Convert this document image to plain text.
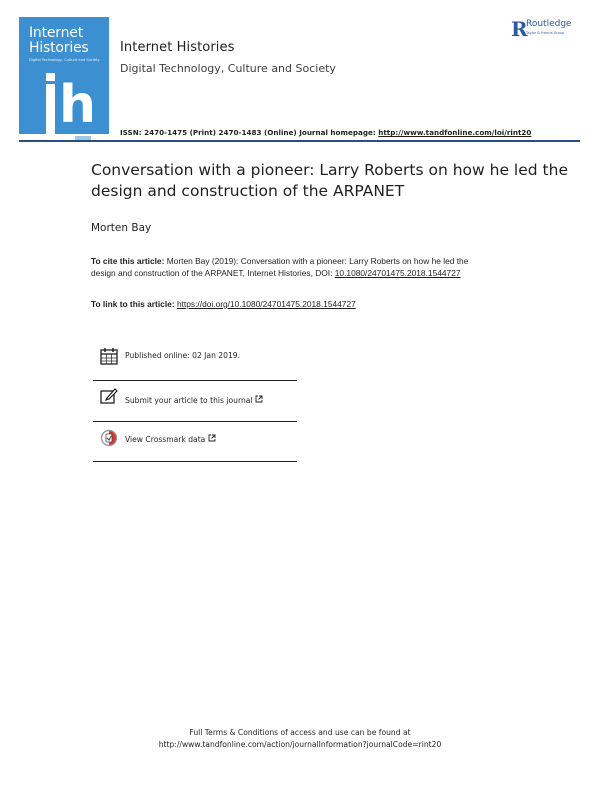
Internet
Histories
Digital Technology, Culture and Society
h
Internet Histories
Digital Technology, Culture and Society
R
Routledge
Taylor & Francis Group
ISSN: 2470-1475 (Print) 2470-1483 (Online) Journal homepage: http://www.tandfonline.com/loi/rint20
Conversation with a pioneer: Larry Roberts on how he led the design and construction of the ARPANET
Morten Bay
To cite this article: Morten Bay (2019): Conversation with a pioneer: Larry Roberts on how he led the design and construction of the ARPANET, Internet Histories, DOI: 10.1080/24701475.2018.1544727
To link to this article: https://doi.org/10.1080/24701475.2018.1544727
Published online: 02 Jan 2019.
Submit your article to this journal
View Crossmark data
Full Terms & Conditions of access and use can be found at
http://www.tandfonline.com/action/journalInformation?journalCode=rint20
